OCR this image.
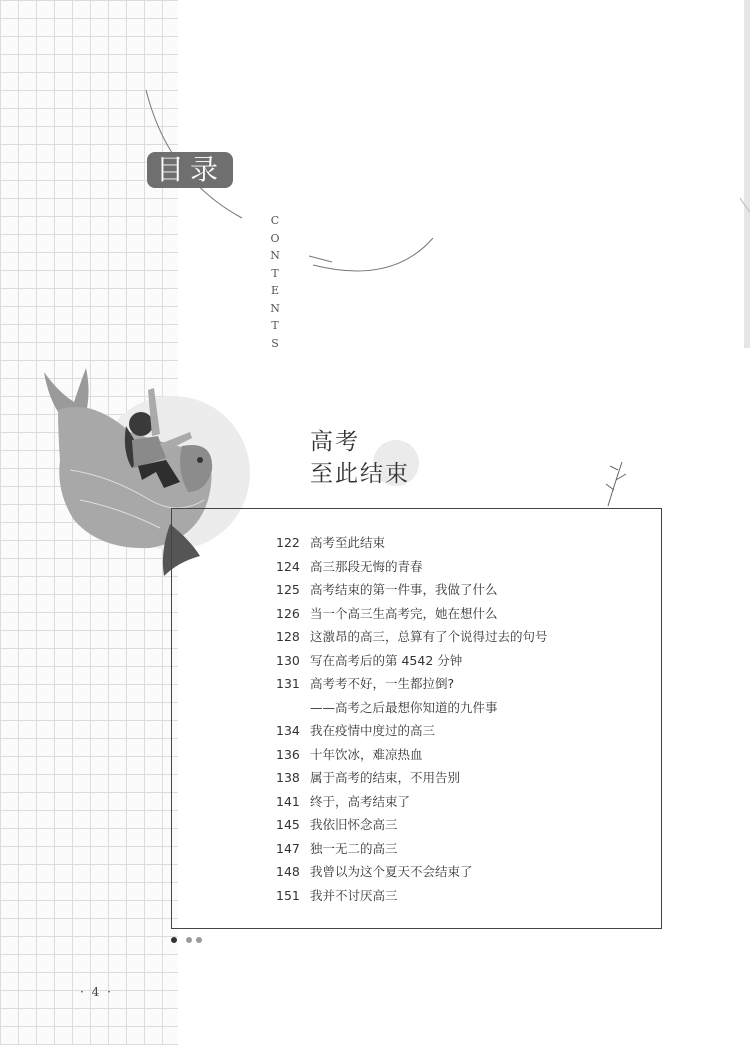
目录
C
O
N
T
E
N
T
S
高考
至此结束
122 高考至此结束
124 高三那段无悔的青春
125 高考结束的第一件事，我做了什么
126 当一个高三生高考完，她在想什么
128 这激昂的高三，总算有了个说得过去的句号
130 写在高考后的第 4542 分钟
131 高考考不好，一生都拉倒?
——高考之后最想你知道的九件事
134 我在疫情中度过的高三
136 十年饮冰，难凉热血
138 属于高考的结束，不用告别
141 终于，高考结束了
145 我依旧怀念高三
147 独一无二的高三
148 我曾以为这个夏天不会结束了
151 我并不讨厌高三
· 4 ·
